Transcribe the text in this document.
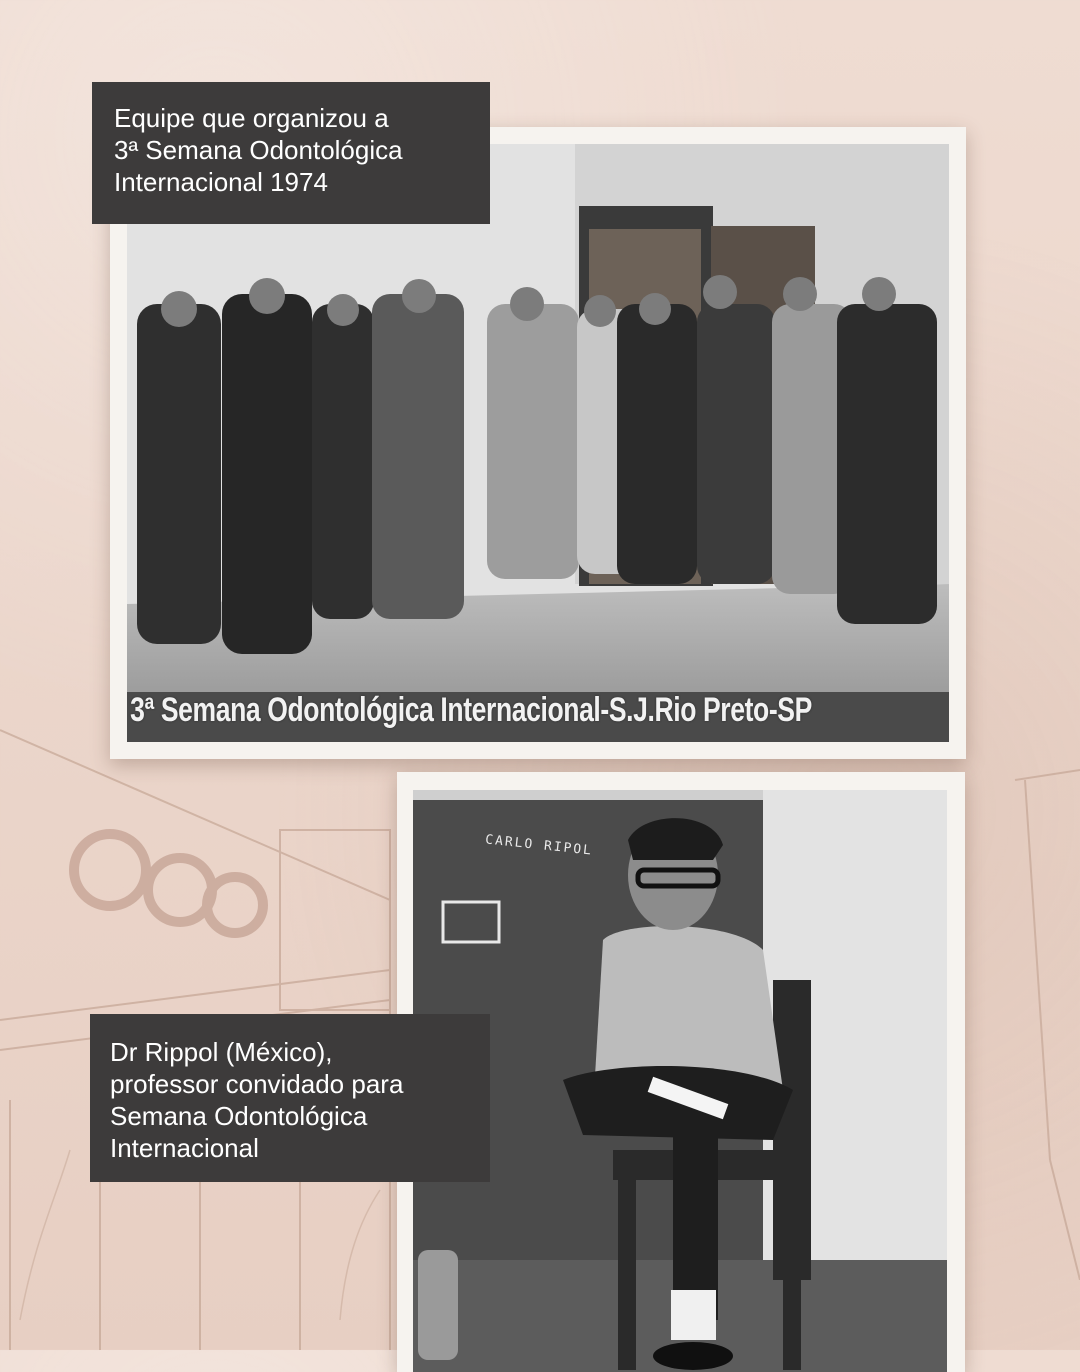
3ª Semana Odontológica Internacional-S.J.Rio Preto-SP
CARLO RIPOL
Equipe que organizou a
3ª Semana Odontológica
Internacional 1974
Dr Rippol (México),
professor convidado para
Semana Odontológica
Internacional
